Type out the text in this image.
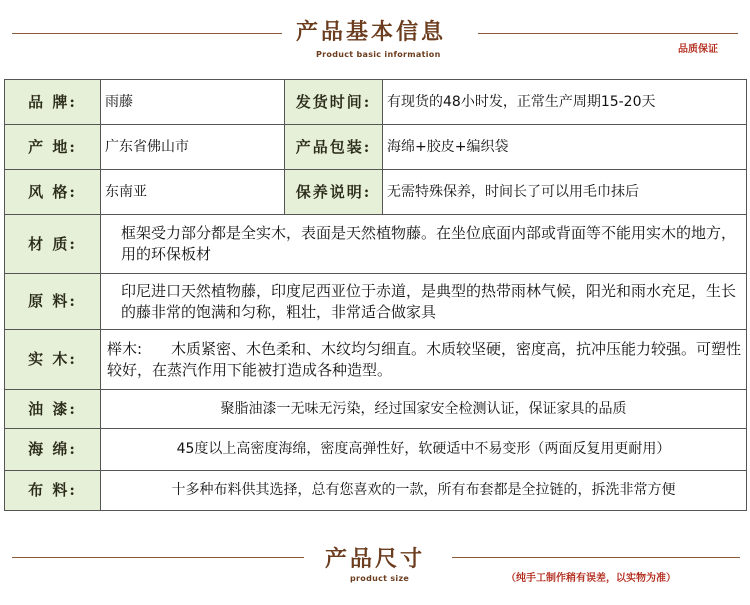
产品基本信息
Product basic information	品质保证
品 牌:	雨藤	发货时间:	有现货的48小时发，正常生产周期15-20天
产 地:	广东省佛山市	产品包装:	海绵+胶皮+编织袋
风 格:	东南亚	保养说明:	无需特殊保养，时间长了可以用毛巾抹后
材 质:	框架受力部分都是全实木，表面是天然植物藤。在坐位底面内部或背面等不能用实木的地方，用的环保板材		
原 料:	印尼进口天然植物藤，印度尼西亚位于赤道，是典型的热带雨林气候，阳光和雨水充足，生长的藤非常的饱满和匀称，粗壮，非常适合做家具		
实 木:	榉木: 木质紧密、木色柔和、木纹均匀细直。木质较坚硬，密度高，抗冲压能力较强。可塑性较好，在蒸汽作用下能被打造成各种造型。		
油 漆:	聚脂油漆一无味无污染，经过国家安全检测认证，保证家具的品质		
海 绵:	45度以上高密度海绵，密度高弹性好，软硬适中不易变形（两面反复用更耐用）		
布 料:	十多种布料供其选择，总有您喜欢的一款，所有布套都是全拉链的，拆洗非常方便		
产品尺寸
product size	（纯手工制作稍有误差，以实物为准）
